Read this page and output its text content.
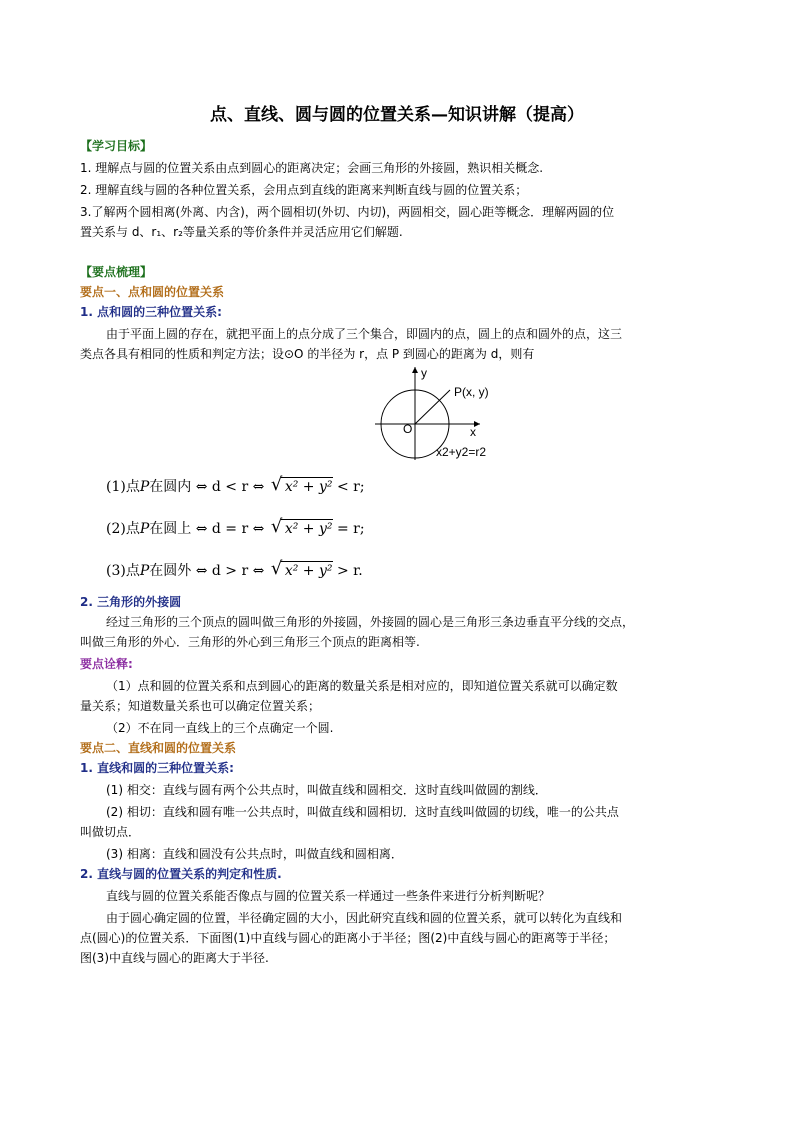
点、直线、圆与圆的位置关系—知识讲解（提高）
【学习目标】
1. 理解点与圆的位置关系由点到圆心的距离决定；会画三角形的外接圆，熟识相关概念.
2. 理解直线与圆的各种位置关系，会用点到直线的距离来判断直线与圆的位置关系；
3.了解两个圆相离(外离、内含)，两个圆相切(外切、内切)，两圆相交，圆心距等概念．理解两圆的位
置关系与 d、r₁、r₂等量关系的等价条件并灵活应用它们解题.
【要点梳理】
要点一、点和圆的位置关系
1. 点和圆的三种位置关系:
由于平面上圆的存在，就把平面上的点分成了三个集合，即圆内的点，圆上的点和圆外的点，这三
类点各具有相同的性质和判定方法；设⊙O 的半径为 r，点 P 到圆心的距离为 d，则有
y
P(x, y)
O	x
x2+y2=r2
(1)点P在圆内 ⇔ d < r ⇔ √ x² + y² < r;
(2)点P在圆上 ⇔ d = r ⇔ √ x² + y² = r;
(3)点P在圆外 ⇔ d > r ⇔ √ x² + y² > r.
2. 三角形的外接圆
经过三角形的三个顶点的圆叫做三角形的外接圆，外接圆的圆心是三角形三条边垂直平分线的交点，
叫做三角形的外心．三角形的外心到三角形三个顶点的距离相等.
要点诠释:
（1）点和圆的位置关系和点到圆心的距离的数量关系是相对应的，即知道位置关系就可以确定数
量关系；知道数量关系也可以确定位置关系；
（2）不在同一直线上的三个点确定一个圆.
要点二、直线和圆的位置关系
1. 直线和圆的三种位置关系:
(1) 相交：直线与圆有两个公共点时，叫做直线和圆相交．这时直线叫做圆的割线．
(2) 相切：直线和圆有唯一公共点时，叫做直线和圆相切．这时直线叫做圆的切线，唯一的公共点
叫做切点．
(3) 相离：直线和圆没有公共点时，叫做直线和圆相离．
2. 直线与圆的位置关系的判定和性质.
直线与圆的位置关系能否像点与圆的位置关系一样通过一些条件来进行分析判断呢？
由于圆心确定圆的位置，半径确定圆的大小，因此研究直线和圆的位置关系，就可以转化为直线和
点(圆心)的位置关系．下面图(1)中直线与圆心的距离小于半径；图(2)中直线与圆心的距离等于半径；
图(3)中直线与圆心的距离大于半径.
